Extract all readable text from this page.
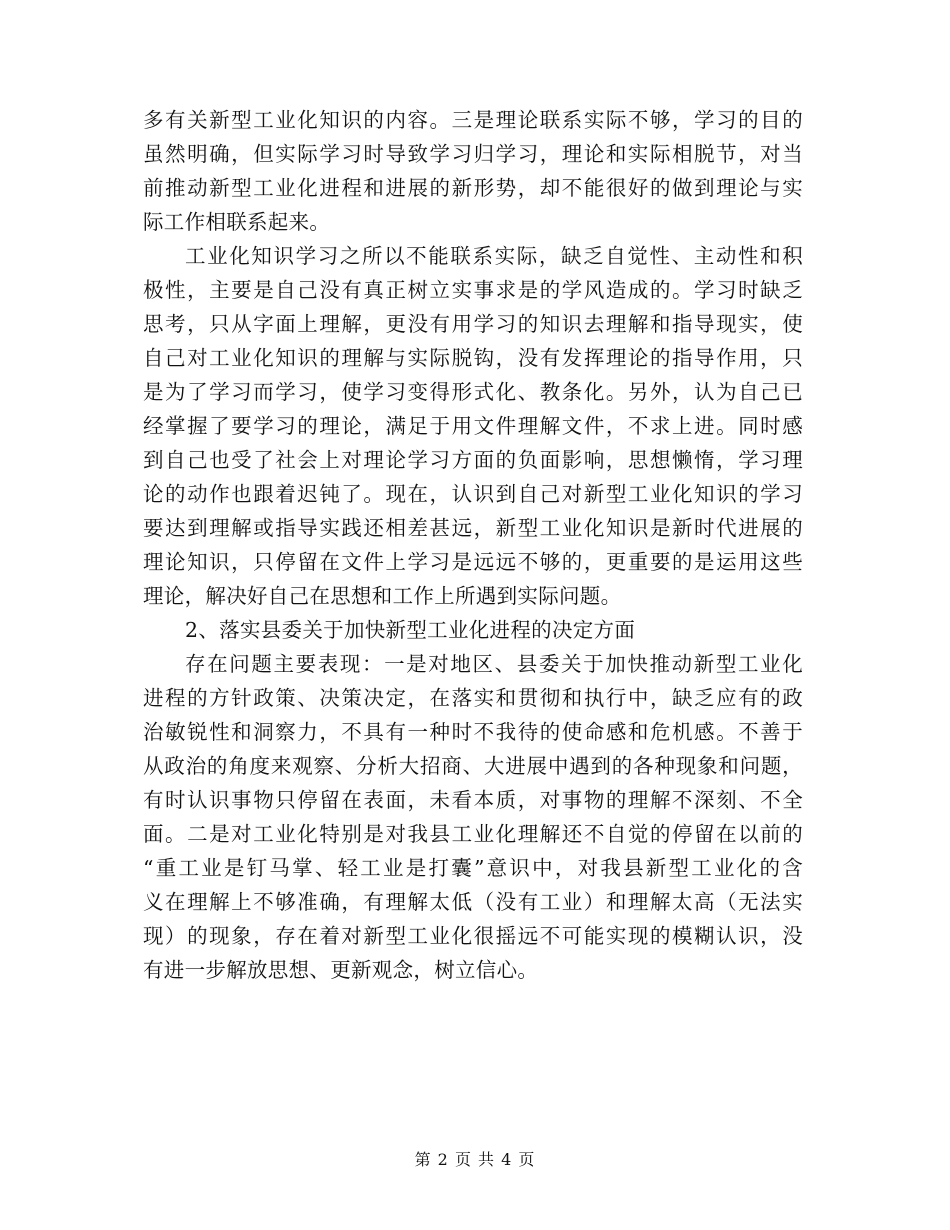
多有关新型工业化知识的内容。三是理论联系实际不够，学习的目的
虽然明确，但实际学习时导致学习归学习，理论和实际相脱节，对当
前推动新型工业化进程和进展的新形势，却不能很好的做到理论与实
际工作相联系起来。
工业化知识学习之所以不能联系实际，缺乏自觉性、主动性和积
极性，主要是自己没有真正树立实事求是的学风造成的。学习时缺乏
思考，只从字面上理解，更没有用学习的知识去理解和指导现实，使
自己对工业化知识的理解与实际脱钩，没有发挥理论的指导作用，只
是为了学习而学习，使学习变得形式化、教条化。另外，认为自己已
经掌握了要学习的理论，满足于用文件理解文件，不求上进。同时感
到自己也受了社会上对理论学习方面的负面影响，思想懒惰，学习理
论的动作也跟着迟钝了。现在，认识到自己对新型工业化知识的学习
要达到理解或指导实践还相差甚远，新型工业化知识是新时代进展的
理论知识，只停留在文件上学习是远远不够的，更重要的是运用这些
理论，解决好自己在思想和工作上所遇到实际问题。
2、落实县委关于加快新型工业化进程的决定方面
存在问题主要表现：一是对地区、县委关于加快推动新型工业化
进程的方针政策、决策决定，在落实和贯彻和执行中，缺乏应有的政
治敏锐性和洞察力，不具有一种时不我待的使命感和危机感。不善于
从政治的角度来观察、分析大招商、大进展中遇到的各种现象和问题，
有时认识事物只停留在表面，未看本质，对事物的理解不深刻、不全
面。二是对工业化特别是对我县工业化理解还不自觉的停留在以前的
“重工业是钉马掌、轻工业是打囊”意识中，对我县新型工业化的含
义在理解上不够准确，有理解太低（没有工业）和理解太高（无法实
现）的现象，存在着对新型工业化很摇远不可能实现的模糊认识，没
有进一步解放思想、更新观念，树立信心。
第 2 页 共 4 页
